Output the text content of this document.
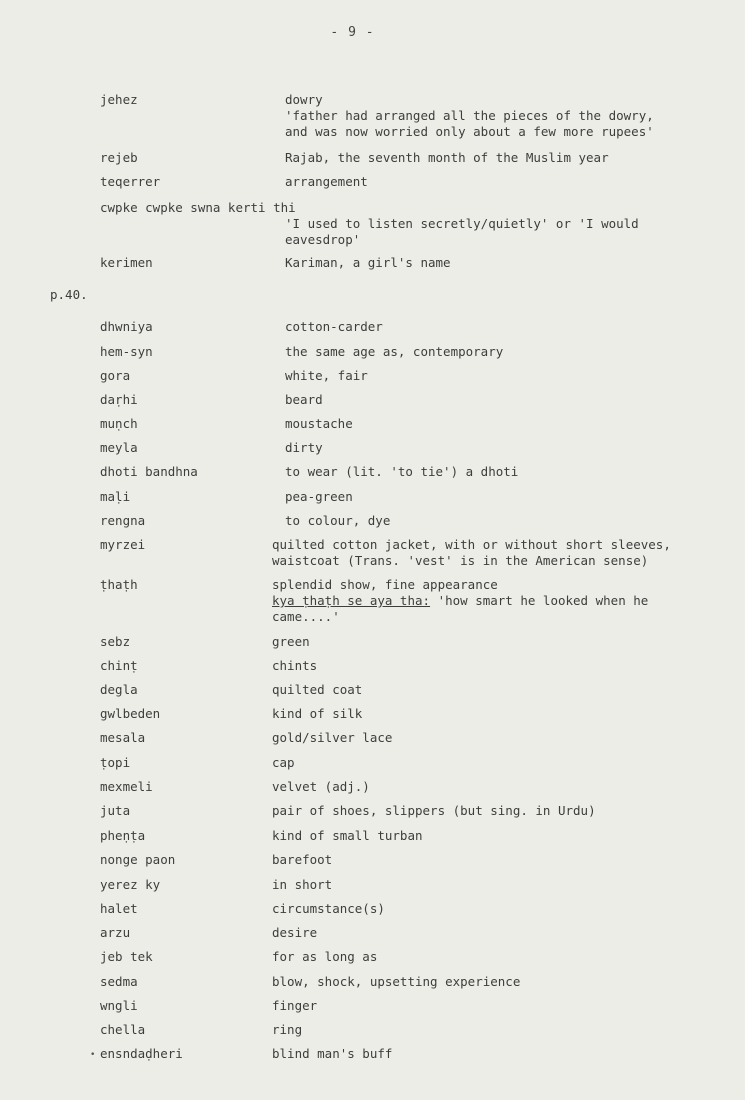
- 9 -
jehez	dowry
'father had arranged all the pieces of the dowry,
and was now worried only about a few more rupees'
rejeb	Rajab, the seventh month of the Muslim year
teqerrer	arrangement
cwpke cwpke swna kerti thi
'I used to listen secretly/quietly' or 'I would
eavesdrop'
kerimen	Kariman, a girl's name
p.40.
dhwniya	cotton-carder
hem-syn	the same age as, contemporary
gora	white, fair
daṛhi	beard
muṇch	moustache
meyla	dirty
dhoti bandhna	to wear (lit. 'to tie') a dhoti
maḷi	pea-green
rengna	to colour, dye
myrzei	quilted cotton jacket, with or without short sleeves,
waistcoat (Trans. 'vest' is in the American sense)
ṭhaṭh	splendid show, fine appearance
kya ṭhaṭh se aya tha: 'how smart he looked when he
came....'
sebz	green
chinṭ	chints
degla	quilted coat
gwlbeden	kind of silk
mesala	gold/silver lace
ṭopi	cap
mexmeli	velvet (adj.)
juta	pair of shoes, slippers (but sing. in Urdu)
pheṇṭa	kind of small turban
nonge paon	barefoot
yerez ky	in short
halet	circumstance(s)
arzu	desire
jeb tek	for as long as
sedma	blow, shock, upsetting experience
wngli	finger
chella	ring
ensndaḍheri	blind man's buff
•
